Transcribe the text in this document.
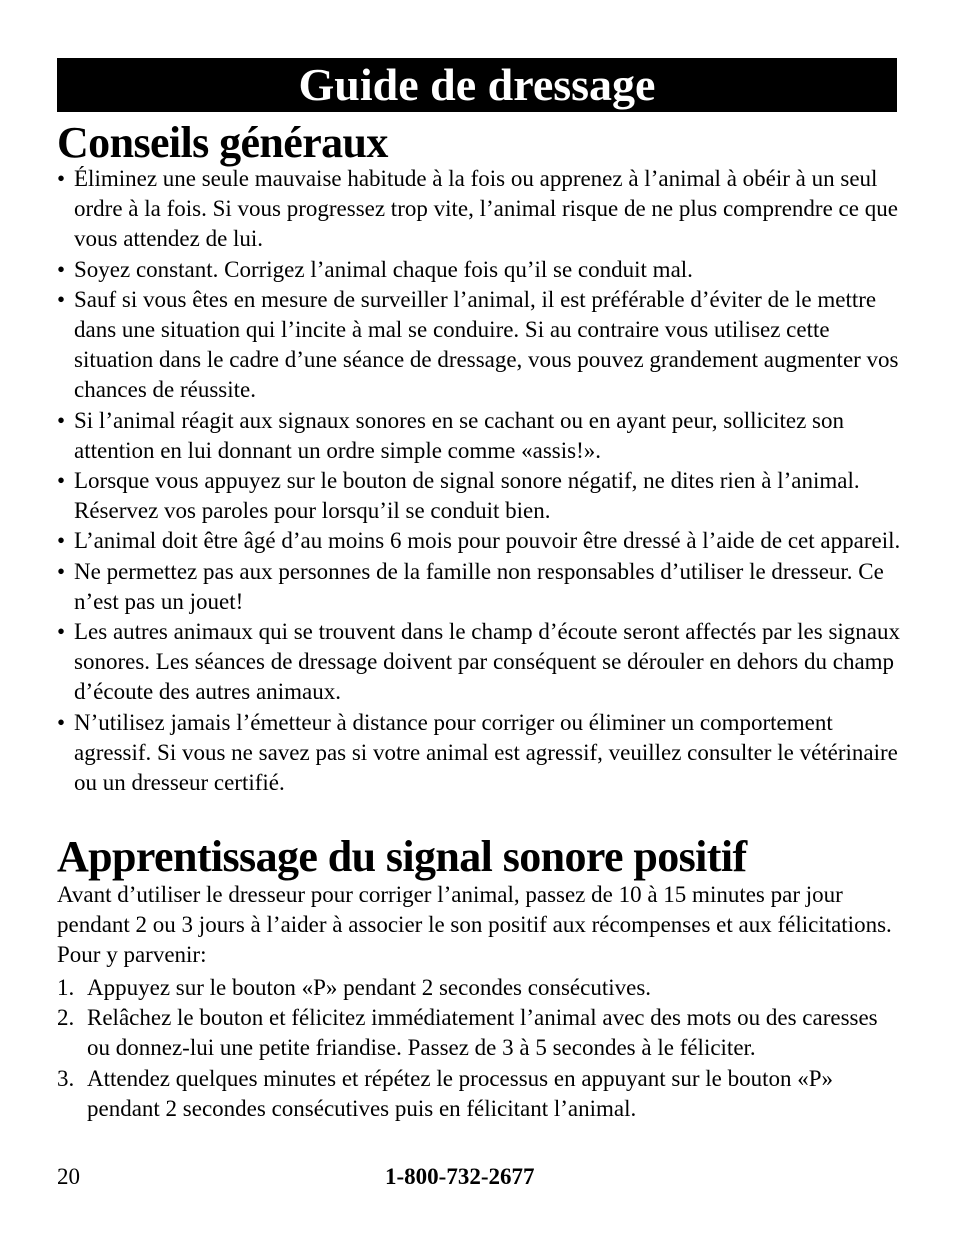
Guide de dressage
Conseils généraux
• Éliminez une seule mauvaise habitude à la fois ou apprenez à l’animal à obéir à un seul ordre à la fois. Si vous progressez trop vite, l’animal risque de ne plus comprendre ce que vous attendez de lui.
• Soyez constant. Corrigez l’animal chaque fois qu’il se conduit mal.
• Sauf si vous êtes en mesure de surveiller l’animal, il est préférable d’éviter de le mettre dans une situation qui l’incite à mal se conduire. Si au contraire vous utilisez cette situation dans le cadre d’une séance de dressage, vous pouvez grandement augmenter vos chances de réussite.
• Si l’animal réagit aux signaux sonores en se cachant ou en ayant peur, sollicitez son attention en lui donnant un ordre simple comme «assis!».
• Lorsque vous appuyez sur le bouton de signal sonore négatif, ne dites rien à l’animal. Réservez vos paroles pour lorsqu’il se conduit bien.
• L’animal doit être âgé d’au moins 6 mois pour pouvoir être dressé à l’aide de cet appareil.
• Ne permettez pas aux personnes de la famille non responsables d’utiliser le dresseur. Ce n’est pas un jouet!
• Les autres animaux qui se trouvent dans le champ d’écoute seront affectés par les signaux sonores. Les séances de dressage doivent par conséquent se dérouler en dehors du champ d’écoute des autres animaux.
• N’utilisez jamais l’émetteur à distance pour corriger ou éliminer un comportement agressif. Si vous ne savez pas si votre animal est agressif, veuillez consulter le vétérinaire ou un dresseur certifié.
Apprentissage du signal sonore positif

Avant d’utiliser le dresseur pour corriger l’animal, passez de 10 à 15 minutes par jour pendant 2 ou 3 jours à l’aider à associer le son positif aux récompenses et aux félicitations. Pour y parvenir:

1. Appuyez sur le bouton «P» pendant 2 secondes consécutives.
2. Relâchez le bouton et félicitez immédiatement l’animal avec des mots ou des caresses ou donnez-lui une petite friandise. Passez de 3 à 5 secondes à le féliciter.
3. Attendez quelques minutes et répétez le processus en appuyant sur le bouton «P» pendant 2 secondes consécutives puis en félicitant l’animal.
20	1-800-732-2677
